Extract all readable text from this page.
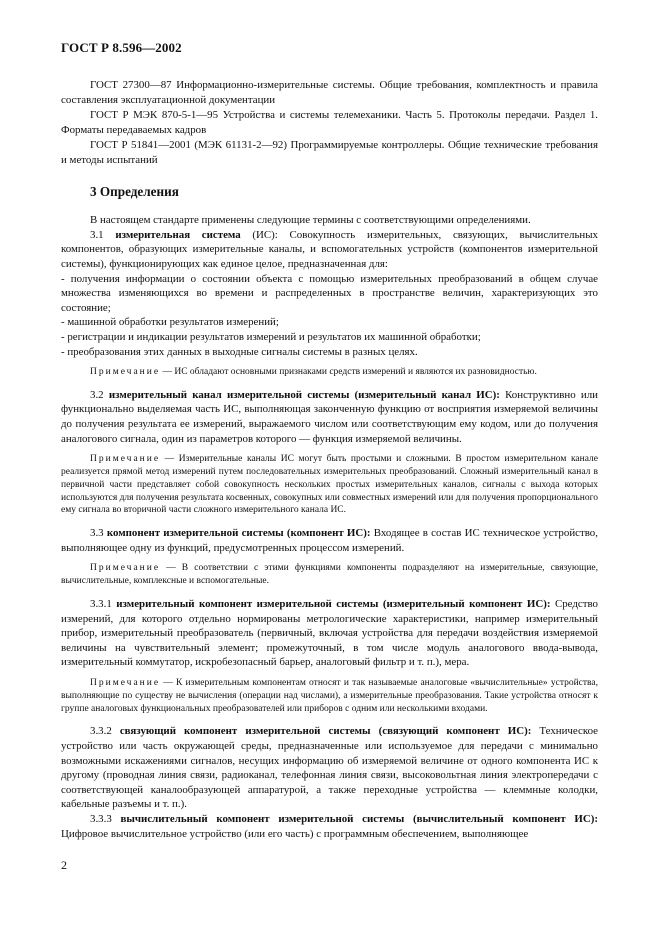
ГОСТ Р 8.596—2002

ГОСТ 27300—87 Информационно-измерительные системы. Общие требования, комплектность и правила составления эксплуатационной документации

ГОСТ Р МЭК 870-5-1—95 Устройства и системы телемеханики. Часть 5. Протоколы передачи. Раздел 1. Форматы передаваемых кадров

ГОСТ Р 51841—2001 (МЭК 61131-2—92) Программируемые контроллеры. Общие технические требования и методы испытаний

3 Определения

В настоящем стандарте применены следующие термины с соответствующими определениями.

3.1 измерительная система (ИС): Совокупность измерительных, связующих, вычислительных компонентов, образующих измерительные каналы, и вспомогательных устройств (компонентов измерительной системы), функционирующих как единое целое, предназначенная для:

- получения информации о состоянии объекта с помощью измерительных преобразований в общем случае множества изменяющихся во времени и распределенных в пространстве величин, характеризующих это состояние;

- машинной обработки результатов измерений;

- регистрации и индикации результатов измерений и результатов их машинной обработки;

- преобразования этих данных в выходные сигналы системы в разных целях.

Примечание — ИС обладают основными признаками средств измерений и являются их разновидностью.

3.2 измерительный канал измерительной системы (измерительный канал ИС): Конструктивно или функционально выделяемая часть ИС, выполняющая законченную функцию от восприятия измеряемой величины до получения результата ее измерений, выражаемого числом или соответствующим ему кодом, или до получения аналогового сигнала, один из параметров которого — функция измеряемой величины.

Примечание — Измерительные каналы ИС могут быть простыми и сложными. В простом измерительном канале реализуется прямой метод измерений путем последовательных измерительных преобразований. Сложный измерительный канал в первичной части представляет собой совокупность нескольких простых измерительных каналов, сигналы с выхода которых используются для получения результата косвенных, совокупных или совместных измерений или для получения пропорционального ему сигнала во вторичной части сложного измерительного канала ИС.

3.3 компонент измерительной системы (компонент ИС): Входящее в состав ИС техническое устройство, выполняющее одну из функций, предусмотренных процессом измерений.

Примечание — В соответствии с этими функциями компоненты подразделяют на измерительные, связующие, вычислительные, комплексные и вспомогательные.

3.3.1 измерительный компонент измерительной системы (измерительный компонент ИС): Средство измерений, для которого отдельно нормированы метрологические характеристики, например измерительный прибор, измерительный преобразователь (первичный, включая устройства для передачи воздействия измеряемой величины на чувствительный элемент; промежуточный, в том числе модуль аналогового ввода-вывода, измерительный коммутатор, искробезопасный барьер, аналоговый фильтр и т. п.), мера.

Примечание — К измерительным компонентам относят и так называемые аналоговые «вычислительные» устройства, выполняющие по существу не вычисления (операции над числами), а измерительные преобразования. Такие устройства относят к группе аналоговых функциональных преобразователей или приборов с одним или несколькими входами.

3.3.2 связующий компонент измерительной системы (связующий компонент ИС): Техническое устройство или часть окружающей среды, предназначенные или используемое для передачи с минимально возможными искажениями сигналов, несущих информацию об измеряемой величине от одного компонента ИС к другому (проводная линия связи, радиоканал, телефонная линия связи, высоковольтная линия электропередачи с соответствующей каналообразующей аппаратурой, а также переходные устройства — клеммные колодки, кабельные разъемы и т. п.).

3.3.3 вычислительный компонент измерительной системы (вычислительный компонент ИС): Цифровое вычислительное устройство (или его часть) с программным обеспечением, выполняющее

2
